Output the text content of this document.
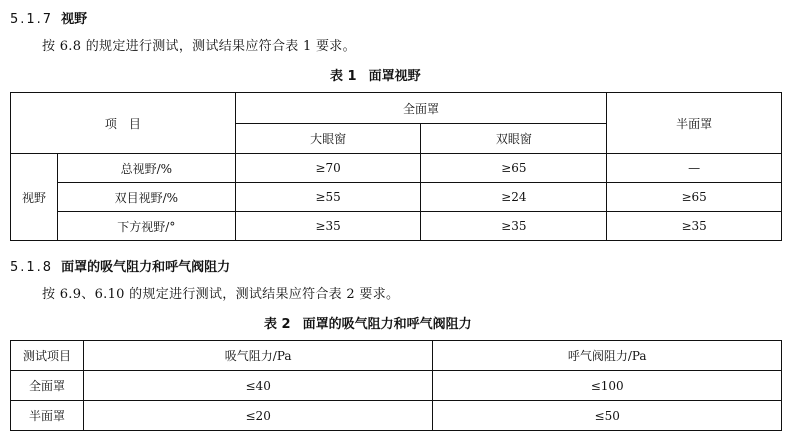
5.1.7 视野
按 6.8 的规定进行测试，测试结果应符合表 1 要求。
表 1 面罩视野
项　目		全面罩		半面罩
		大眼窗	双眼窗	
视野	总视野/%	≥70	≥65	—
	双目视野/%	≥55	≥24	≥65
	下方视野/°	≥35	≥35	≥35
5.1.8 面罩的吸气阻力和呼气阀阻力
按 6.9、6.10 的规定进行测试，测试结果应符合表 2 要求。
表 2 面罩的吸气阻力和呼气阀阻力
测试项目	吸气阻力/Pa	呼气阀阻力/Pa
全面罩	≤40	≤100
半面罩	≤20	≤50
